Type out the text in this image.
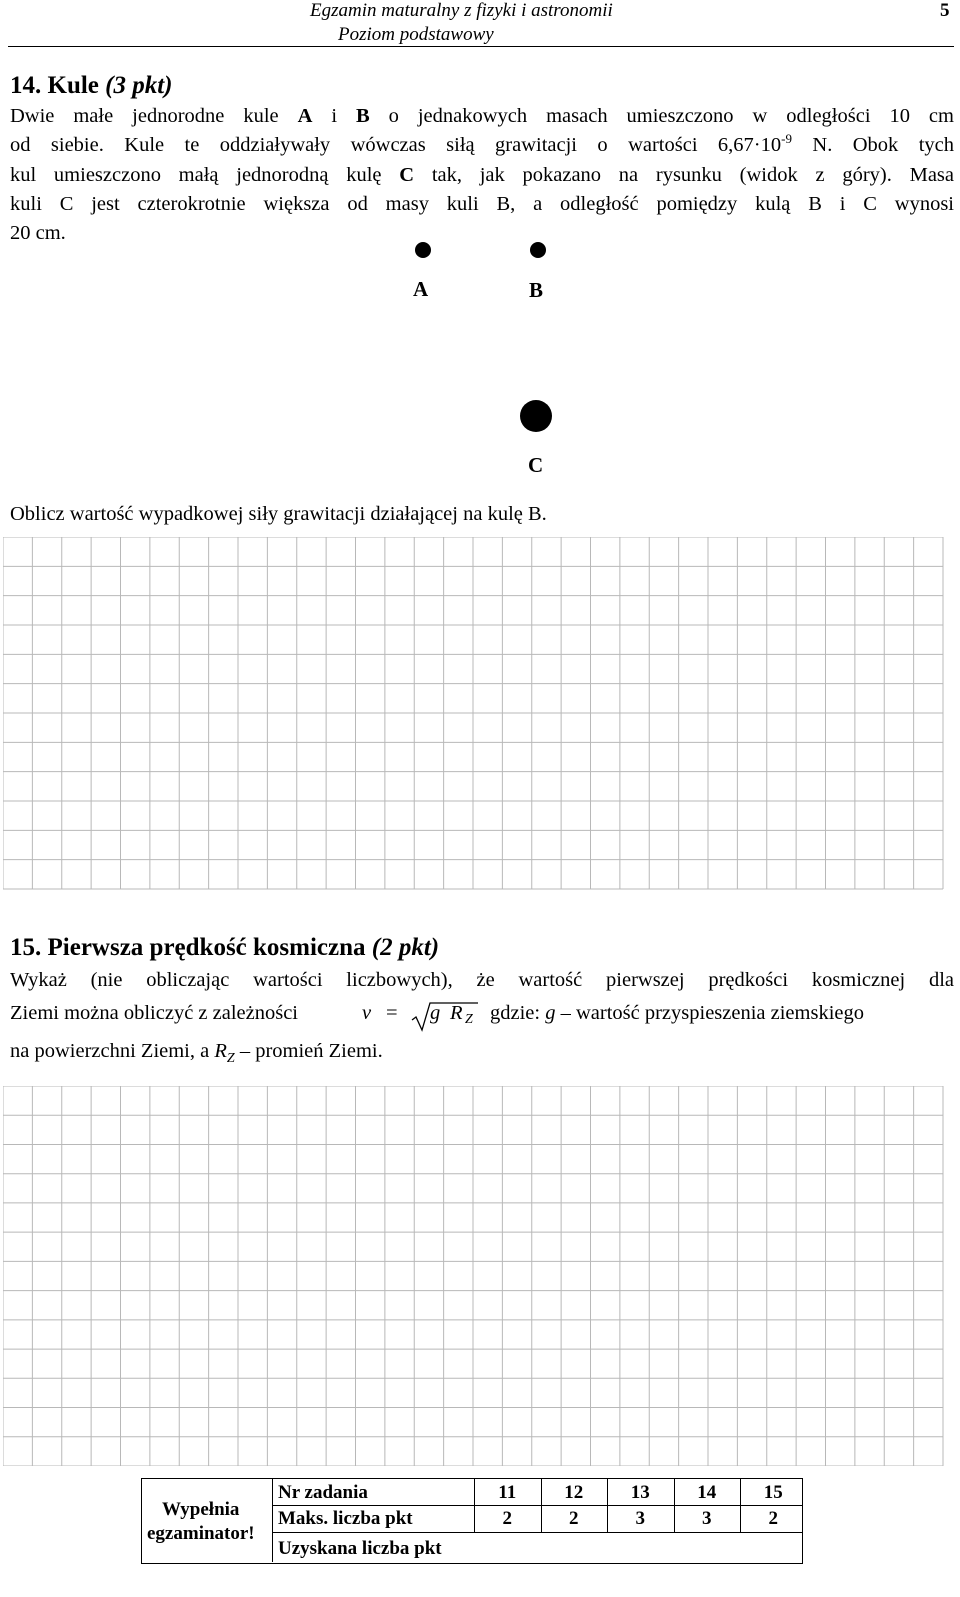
Egzamin maturalny z fizyki i astronomii
Poziom podstawowy
5
14. Kule (3 pkt)
Dwie małe jednorodne kule A i B o jednakowych masach umieszczono w odległości 10 cm
od siebie. Kule te oddziaływały wówczas siłą grawitacji o wartości $6,67\cdot 10^{-9}$ N. Obok tych
kul umieszczono małą jednorodną kulę C tak, jak pokazano na rysunku (widok z góry). Masa
kuli C jest czterokrotnie większa od masy kuli B, a odległość pomiędzy kulą B i C wynosi
20 cm.
A	B
C

Oblicz wartość wypadkowej siły grawitacji działającej na kulę B.

15. Pierwsza prędkość kosmiczna (2 pkt)
Wykaż (nie obliczając wartości liczbowych), że wartość pierwszej prędkości kosmicznej dla
Ziemi można obliczyć z zależności	v = g R Z gdzie: g – wartość przyspieszenia ziemskiego
na powierzchni Ziemi, a $R_Z$ – promień Ziemi.
Wypełnia
egzaminator!
Nr zadania
Maks. liczba pkt
Uzyskana liczba pkt
11
2
12
2
13
3
14
3
15
2
